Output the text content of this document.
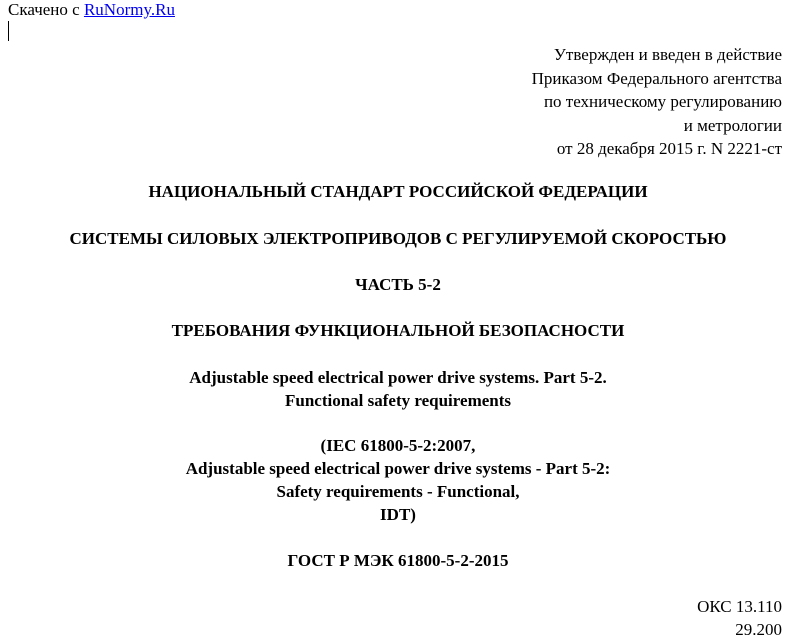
Скачено с RuNormy.Ru
Утвержден и введен в действие
Приказом Федерального агентства
по техническому регулированию
и метрологии
от 28 декабря 2015 г. N 2221-ст
НАЦИОНАЛЬНЫЙ СТАНДАРТ РОССИЙСКОЙ ФЕДЕРАЦИИ
СИСТЕМЫ СИЛОВЫХ ЭЛЕКТРОПРИВОДОВ С РЕГУЛИРУЕМОЙ СКОРОСТЬЮ
ЧАСТЬ 5-2
ТРЕБОВАНИЯ ФУНКЦИОНАЛЬНОЙ БЕЗОПАСНОСТИ
Adjustable speed electrical power drive systems. Part 5-2.
Functional safety requirements
(IEC 61800-5-2:2007,
Adjustable speed electrical power drive systems - Part 5-2:
Safety requirements - Functional,
IDT)
ГОСТ Р МЭК 61800-5-2-2015
ОКС 13.110
29.200
